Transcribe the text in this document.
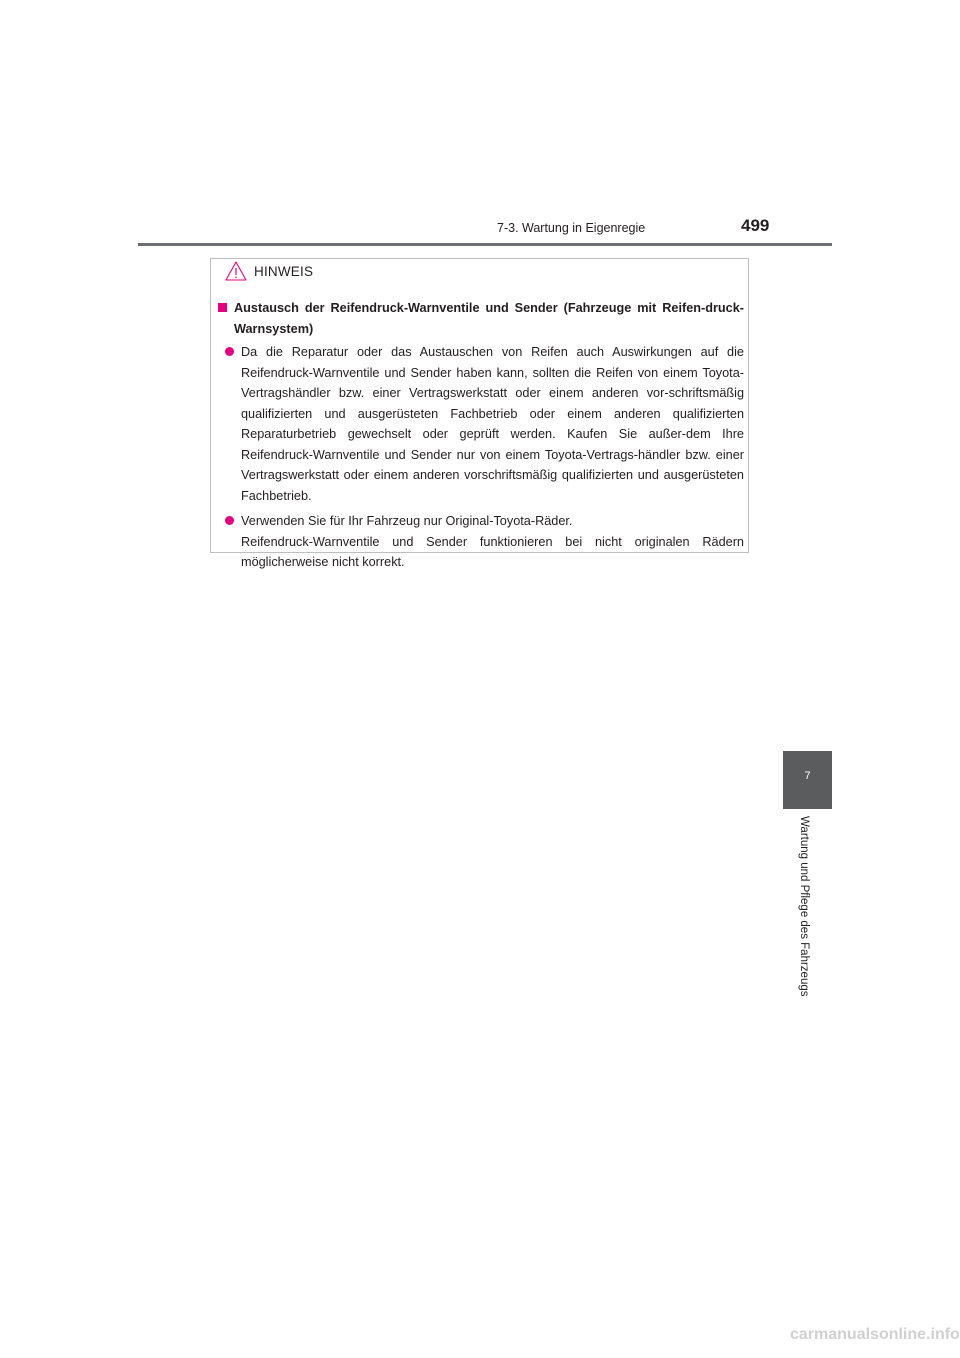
7-3. Wartung in Eigenregie	499
HINWEIS
Austausch der Reifendruck-Warnventile und Sender (Fahrzeuge mit Reifen-druck-Warnsystem)

Da die Reparatur oder das Austauschen von Reifen auch Auswirkungen auf die Reifendruck-Warnventile und Sender haben kann, sollten die Reifen von einem Toyota-Vertragshändler bzw. einer Vertragswerkstatt oder einem anderen vor-schriftsmäßig qualifizierten und ausgerüsteten Fachbetrieb oder einem anderen qualifizierten Reparaturbetrieb gewechselt oder geprüft werden. Kaufen Sie außer-dem Ihre Reifendruck-Warnventile und Sender nur von einem Toyota-Vertrags-händler bzw. einer Vertragswerkstatt oder einem anderen vorschriftsmäßig qualifizierten und ausgerüsteten Fachbetrieb.

Verwenden Sie für Ihr Fahrzeug nur Original-Toyota-Räder.

Reifendruck-Warnventile und Sender funktionieren bei nicht originalen Rädern möglicherweise nicht korrekt.

7
Wartung und Pflege des Fahrzeugs
carmanualsonline.info
